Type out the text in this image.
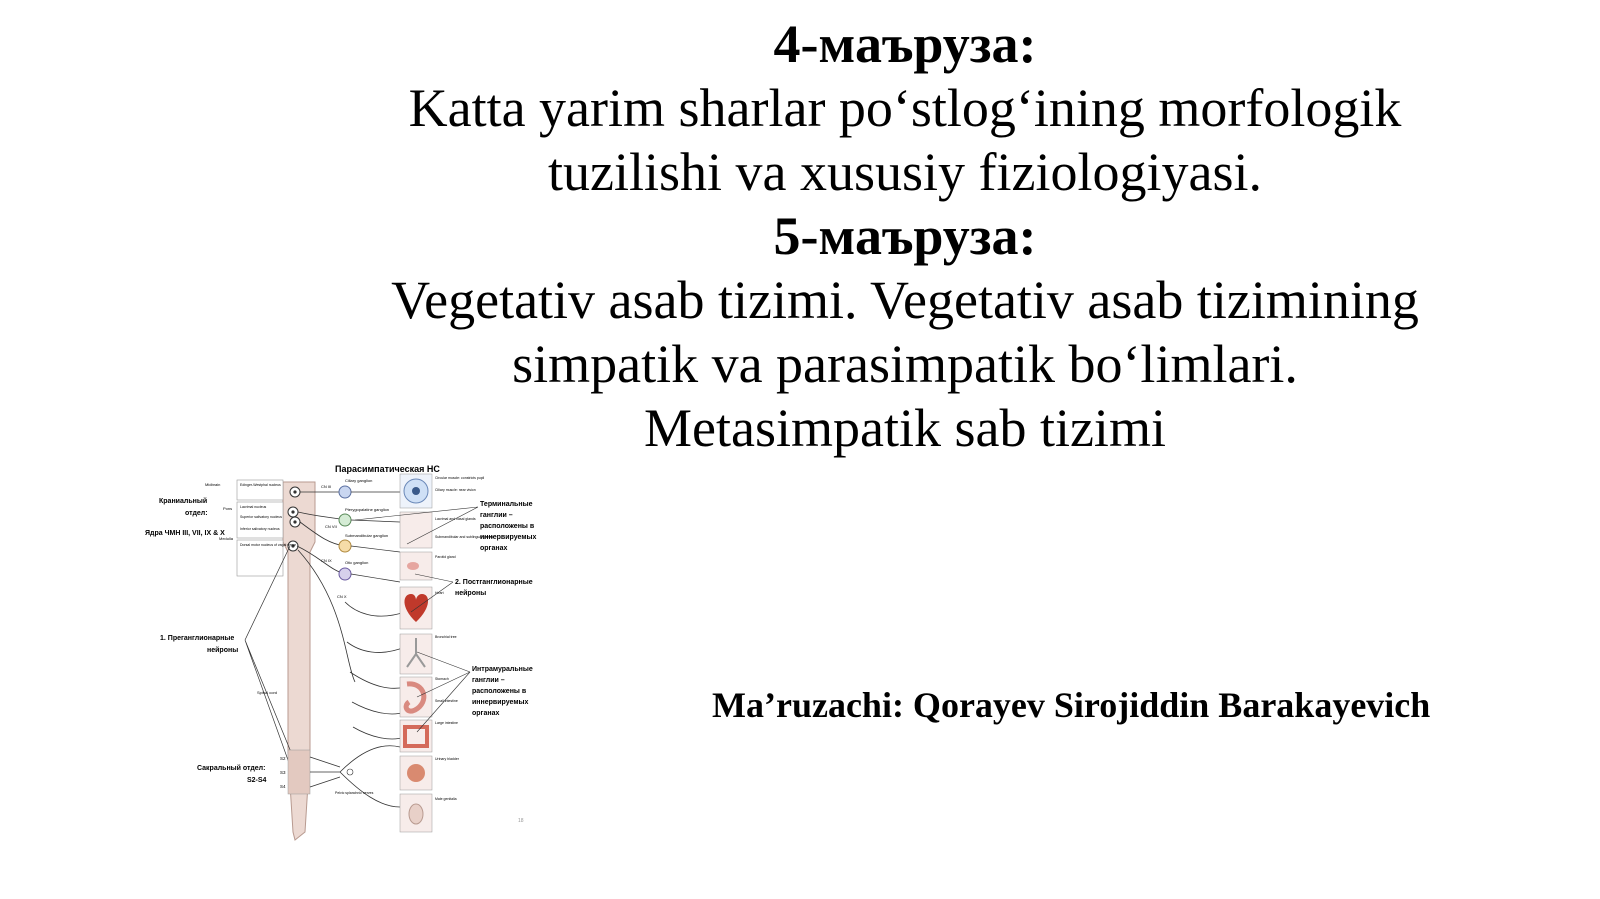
4-маъруза:
Katta yarim sharlar po‘stlog‘ining morfologik
tuzilishi va xususiy fiziologiyasi.
5-маъруза:
Vegetativ asab tizimi. Vegetativ asab tizimining
simpatik va parasimpatik bo‘limlari.
Metasimpatik sab tizimi
Ma’ruzachi: Qorayev Sirojiddin Barakayevich
Парасимпатическая НС
Midbrain
Pons
Medulla
Spinal cord
Edinger-Westphal nucleus
Lacrimal nucleus
Superior salivatory nucleus
Inferior salivatory nucleus
Dorsal motor nucleus of vagal nerve
Краниальный
отдел:
Ядра ЧМН III, VII, IX & X
1. Преганглионарные
нейроны
Сакральный отдел:
S2-S4
S2
S3
S4
CN III
CN VII
CN IX
CN X
Ciliary ganglion
Pterygopalatine ganglion
Submandibular ganglion
Otic ganglion
Pelvic splanchnic nerves
Circular muscle: constricts pupil
Ciliary muscle: near vision
Lacrimal and nasal glands
Submandibular and sublingual glands
Parotid gland
Heart
Bronchial tree
Stomach
Small intestine
Large intestine
Urinary bladder
Male genitalia
Терминальные
ганглии –
расположены в
иннервируемых
органах
2. Постганглионарные
нейроны
Интрамуральные
ганглии –
расположены в
иннервируемых
органах
18
